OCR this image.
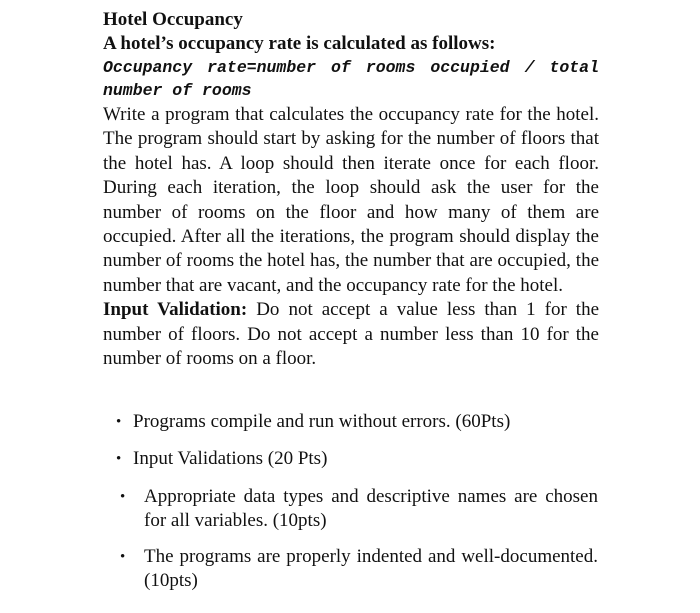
Hotel Occupancy

A hotel’s occupancy rate is calculated as follows:

Occupancy rate=number of rooms occupied / total number of rooms

Write a program that calculates the occupancy rate for the hotel. The program should start by asking for the number of floors that the hotel has. A loop should then iterate once for each floor. During each iteration, the loop should ask the user for the number of rooms on the floor and how many of them are occupied. After all the iterations, the program should display the number of rooms the hotel has, the number that are occupied, the number that are vacant, and the occupancy rate for the hotel.

Input Validation: Do not accept a value less than 1 for the number of floors. Do not accept a number less than 10 for the number of rooms on a floor.

• Programs compile and run without errors. (60Pts)
• Input Validations (20 Pts)
• Appropriate data types and descriptive names are chosen for all variables. (10pts)
• The programs are properly indented and well-documented. (10pts)
